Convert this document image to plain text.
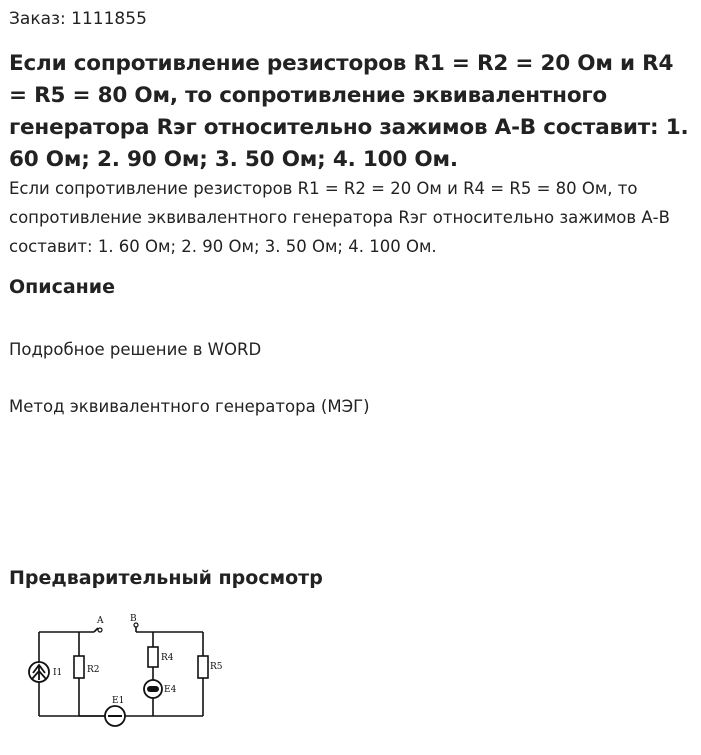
Заказ: 1111855
Если сопротивление резисторов R1 = R2 = 20 Ом и R4 = R5 = 80 Ом, то сопротивление эквивалентного генератора Rэг относительно зажимов А-В составит: 1. 60 Ом; 2. 90 Ом; 3. 50 Ом; 4. 100 Ом.
Если сопротивление резисторов R1 = R2 = 20 Ом и R4 = R5 = 80 Ом, то сопротивление эквивалентного генератора Rэг относительно зажимов А-В составит: 1. 60 Ом; 2. 90 Ом; 3. 50 Ом; 4. 100 Ом.
Описание
Подробное решение в WORD
Метод эквивалентного генератора (МЭГ)
Предварительный просмотр
A	B
I1	R2
R4
E4
R5
E1
